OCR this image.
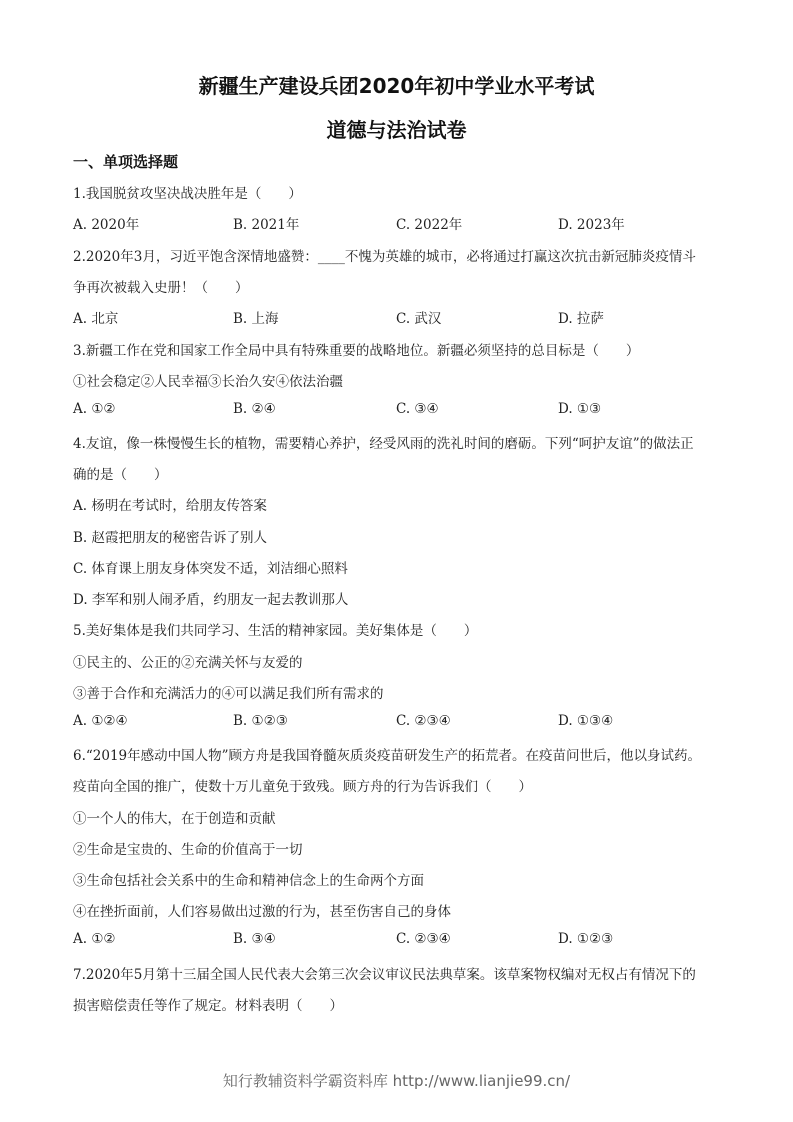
新疆生产建设兵团2020年初中学业水平考试
道德与法治试卷
一、单项选择题
1.我国脱贫攻坚决战决胜年是（　　）
A. 2020年	B. 2021年	C. 2022年	D. 2023年
2.2020年3月，习近平饱含深情地盛赞：____不愧为英雄的城市，必将通过打赢这次抗击新冠肺炎疫情斗
争再次被载入史册！（　　）
A. 北京	B. 上海	C. 武汉	D. 拉萨
3.新疆工作在党和国家工作全局中具有特殊重要的战略地位。新疆必须坚持的总目标是（　　）
①社会稳定②人民幸福③长治久安④依法治疆
A. ①②	B. ②④	C. ③④	D. ①③
4.友谊，像一株慢慢生长的植物，需要精心养护，经受风雨的洗礼时间的磨砺。下列“呵护友谊”的做法正
确的是（　　）
A. 杨明在考试时，给朋友传答案
B. 赵霞把朋友的秘密告诉了别人
C. 体育课上朋友身体突发不适，刘洁细心照料
D. 李军和别人闹矛盾，约朋友一起去教训那人
5.美好集体是我们共同学习、生活的精神家园。美好集体是（　　）
①民主的、公正的②充满关怀与友爱的
③善于合作和充满活力的④可以满足我们所有需求的
A. ①②④	B. ①②③	C. ②③④	D. ①③④
6.“2019年感动中国人物”顾方舟是我国脊髓灰质炎疫苗研发生产的拓荒者。在疫苗问世后，他以身试药。
疫苗向全国的推广，使数十万儿童免于致残。顾方舟的行为告诉我们（　　）
①一个人的伟大，在于创造和贡献
②生命是宝贵的、生命的价值高于一切
③生命包括社会关系中的生命和精神信念上的生命两个方面
④在挫折面前，人们容易做出过激的行为，甚至伤害自己的身体
A. ①②	B. ③④	C. ②③④	D. ①②③
7.2020年5月第十三届全国人民代表大会第三次会议审议民法典草案。该草案物权编对无权占有情况下的
损害赔偿责任等作了规定。材料表明（　　）
知行教辅资料学霸资料库 http://www.lianjie99.cn/
